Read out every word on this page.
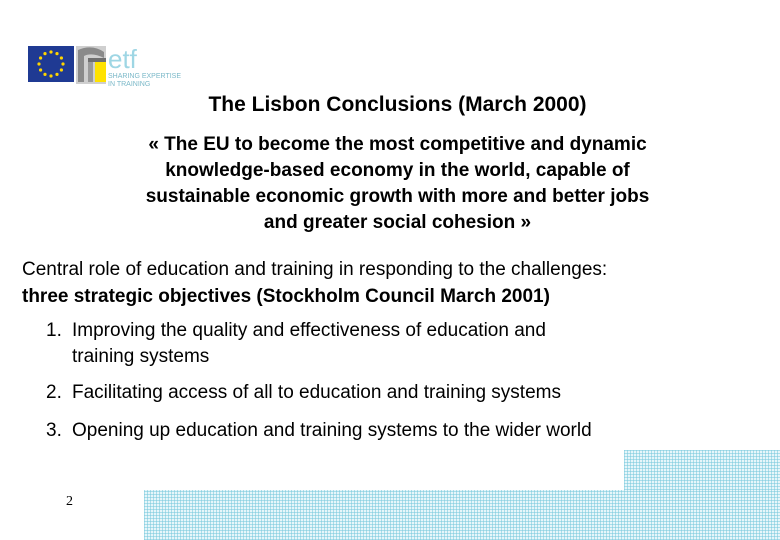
etf
SHARING EXPERTISE
IN TRAINING
The Lisbon Conclusions (March 2000)
« The EU to become the most competitive and dynamic
knowledge-based economy in the world, capable of
sustainable economic growth with more and better jobs
and greater social cohesion »
Central role of education and training in responding to the challenges:
three strategic objectives (Stockholm Council March 2001)
1. Improving the quality and effectiveness of education and
training systems
2. Facilitating access of all to education and training systems
3. Opening up education and training systems to the wider world
2
